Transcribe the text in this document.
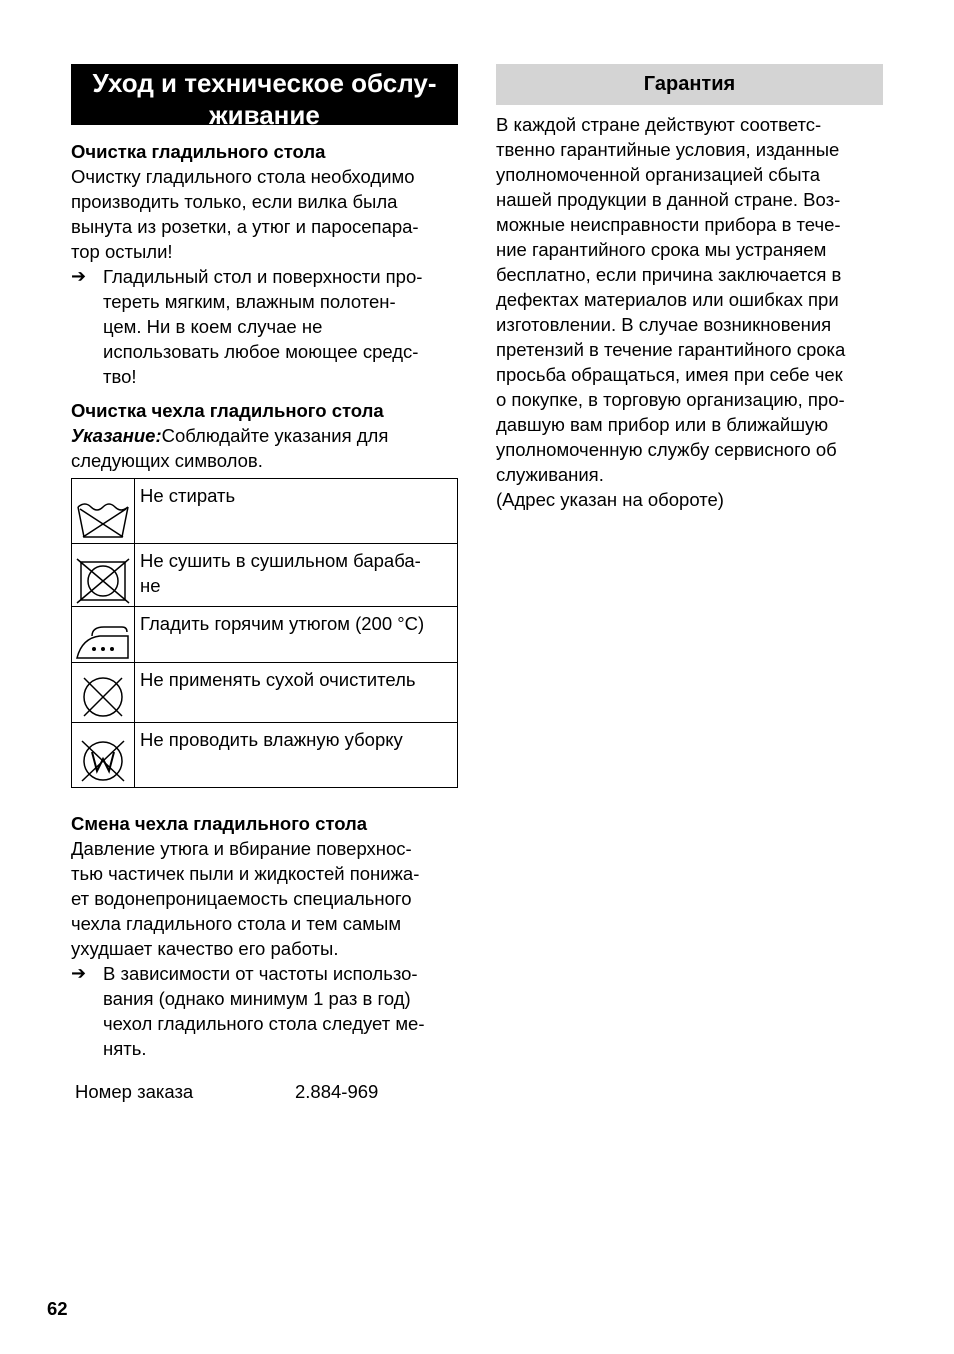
Уход и техническое обслу-
живание
Очистка гладильного стола
Очистку гладильного стола необходимо
производить только, если вилка была
вынута из розетки, а утюг и паросепара-
тор остыли!
➔ Гладильный стол и поверхности про-
тереть мягким, влажным полотен-
цем. Ни в коем случае не
использовать любое моющее средс-
тво!
Очистка чехла гладильного стола
Указание:Соблюдайте указания для
следующих символов.

Не стирать

Не сушить в сушильном бараба-
не

Гладить горячим утюгом (200 °C)

Не применять сухой очиститель

Не проводить влажную уборку
Смена чехла гладильного стола
Давление утюга и вбирание поверхнос-
тью частичек пыли и жидкостей понижа-
ет водонепроницаемость специального
чехла гладильного стола и тем самым
ухудшает качество его работы.
➔ В зависимости от частоты использо-
вания (однако минимум 1 раз в год)
чехол гладильного стола следует ме-
нять.
Номер заказа	2.884-969
Гарантия
В каждой стране действуют соответс-
твенно гарантийные условия, изданные
уполномоченной организацией сбыта
нашей продукции в данной стране. Воз-
можные неисправности прибора в тече-
ние гарантийного срока мы устраняем
бесплатно, если причина заключается в
дефектах материалов или ошибках при
изготовлении. В случае возникновения
претензий в течение гарантийного срока
просьба обращаться, имея при себе чек
о покупке, в торговую организацию, про-
давшую вам прибор или в ближайшую
уполномоченную службу сервисного об
служивания.
(Адрес указан на обороте)
62
